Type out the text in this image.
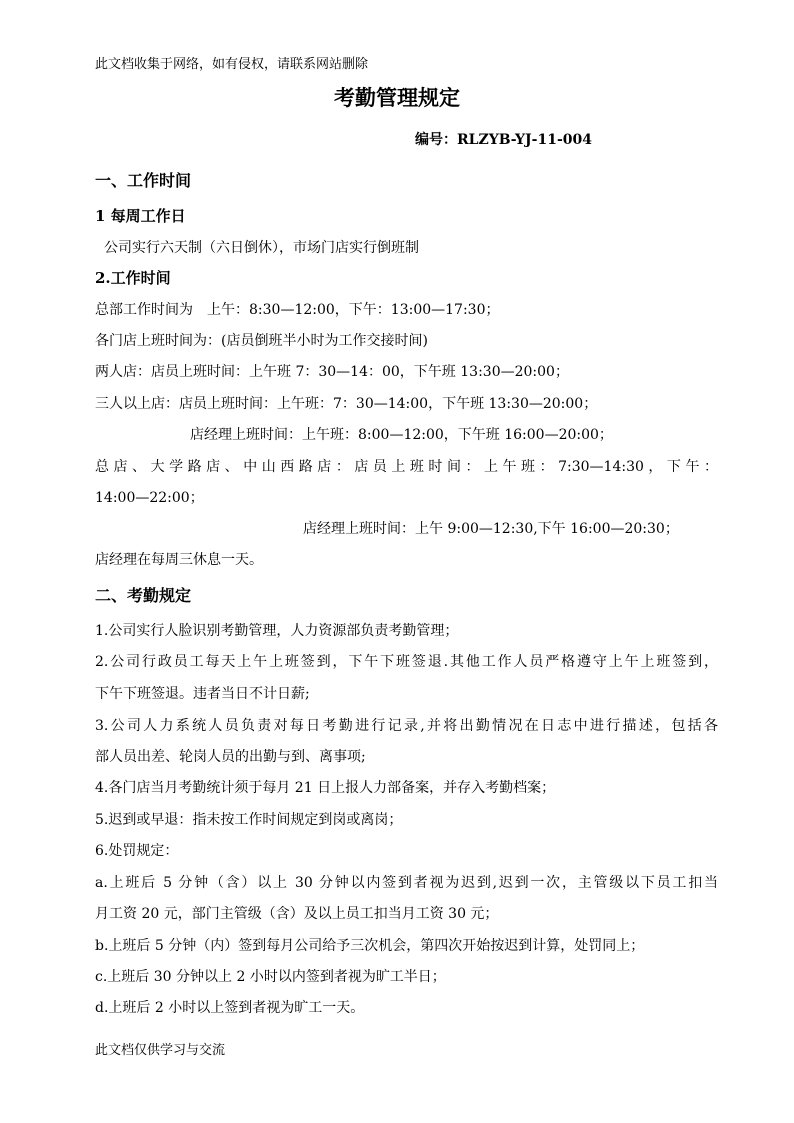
此文档收集于网络，如有侵权，请联系网站删除
考勤管理规定
编号：RLZYB-YJ-11-004
一、工作时间
1 每周工作日
公司实行六天制（六日倒休），市场门店实行倒班制
2.工作时间
总部工作时间为　上午：8:30—12:00，下午：13:00—17:30；
各门店上班时间为：(店员倒班半小时为工作交接时间)
两人店：店员上班时间：上午班 7：30—14：00，下午班 13:30—20:00；
三人以上店：店员上班时间：上午班：7：30—14:00，下午班 13:30—20:00；
店经理上班时间：上午班：8:00—12:00，下午班 16:00—20:00；
总店、大学路店、中山西路店：店员上班时间：上午班：7:30—14:30，下午：
14:00—22:00；
店经理上班时间：上午 9:00—12:30,下午 16:00—20:30；
店经理在每周三休息一天。
二、考勤规定
1.公司实行人脸识别考勤管理，人力资源部负责考勤管理；
2.公司行政员工每天上午上班签到，下午下班签退.其他工作人员严格遵守上午上班签到，
下午下班签退。违者当日不计日薪;
3.公司人力系统人员负责对每日考勤进行记录,并将出勤情况在日志中进行描述，包括各
部人员出差、轮岗人员的出勤与到、离事项;
4.各门店当月考勤统计须于每月 21 日上报人力部备案，并存入考勤档案；
5.迟到或早退：指未按工作时间规定到岗或离岗；
6.处罚规定：
a.上班后 5 分钟（含）以上 30 分钟以内签到者视为迟到,迟到一次，主管级以下员工扣当
月工资 20 元，部门主管级（含）及以上员工扣当月工资 30 元；
b.上班后 5 分钟（内）签到每月公司给予三次机会，第四次开始按迟到计算，处罚同上；
c.上班后 30 分钟以上 2 小时以内签到者视为旷工半日；
d.上班后 2 小时以上签到者视为旷工一天。
此文档仅供学习与交流
